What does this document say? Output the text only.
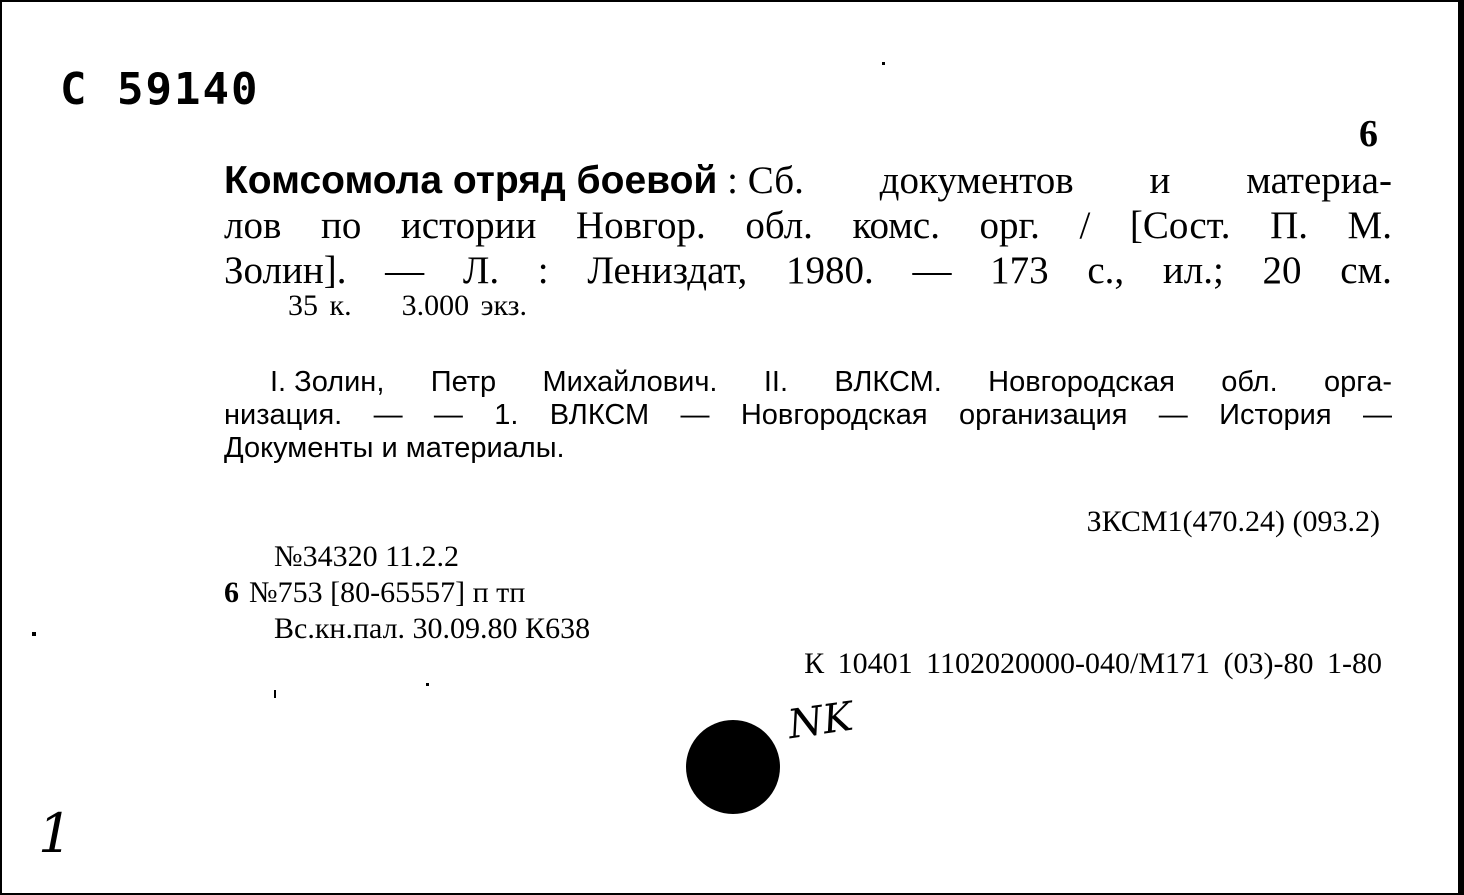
С 59140
6
Комсомола отряд боевой : Сб. документов и материа-
лов по истории Новгор. обл. комс. орг. / [Сост. П. М.
Золин]. — Л. : Лениздат, 1980. — 173 с., ил.; 20 см.
35 к. 3.000 экз.
I. Золин, Петр Михайлович. II. ВЛКСМ. Новгородская обл. орга-
низация. — — 1. ВЛКСМ — Новгородская организация — История —
Документы и материалы.
ЗКСМ1(470.24) (093.2)
№34320 11.2.2
6 №753 [80-65557] п тп
Вс.кн.пал. 30.09.80 К638
К 10401 1102020000-040/М171 (03)-80 1-80
NK
1
